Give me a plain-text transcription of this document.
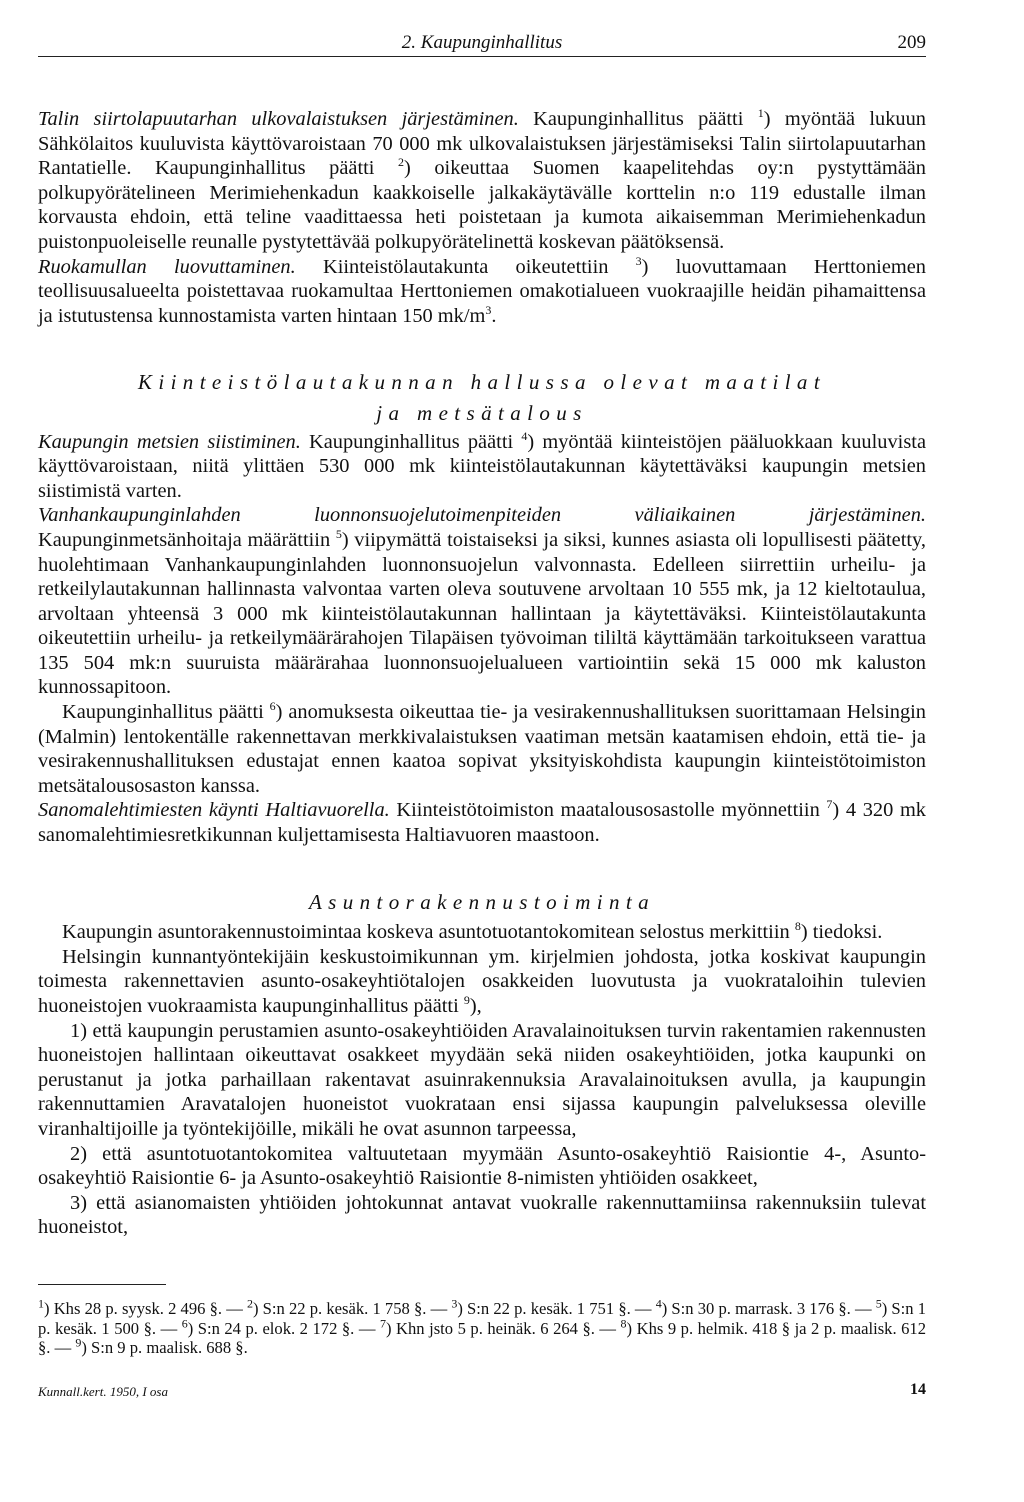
2. Kaupunginhallitus	209

Talin siirtolapuutarhan ulkovalaistuksen järjestäminen. Kaupunginhallitus päätti $^1$) myöntää lukuun Sähkölaitos kuuluvista käyttövaroistaan 70 000 mk ulkovalaistuksen järjestämiseksi Talin siirtolapuutarhan Rantatielle. Kaupunginhallitus päätti $^2$) oikeuttaa Suomen kaapelitehdas oy:n pystyttämään polkupyörätelineen Merimiehenkadun kaakkoiselle jalkakäytävälle korttelin n:o 119 edustalle ilman korvausta ehdoin, että teline vaadittaessa heti poistetaan ja kumota aikaisemman Merimiehenkadun puistonpuoleiselle reunalle pystytettävää polkupyörätelinettä koskevan päätöksensä.

Ruokamullan luovuttaminen. Kiinteistölautakunta oikeutettiin $^3$) luovuttamaan Herttoniemen teollisuusalueelta poistettavaa ruokamultaa Herttoniemen omakotialueen vuokraajille heidän pihamaittensa ja istutustensa kunnostamista varten hintaan 150 $mk/m^3$.

Kiinteistölautakunnan hallussa olevat maatilat
ja metsätalous

Kaupungin metsien siistiminen. Kaupunginhallitus päätti $^4$) myöntää kiinteistöjen pääluokkaan kuuluvista käyttövaroistaan, niitä ylittäen 530 000 mk kiinteistölautakunnan käytettäväksi kaupungin metsien siistimistä varten.

Vanhankaupunginlahden luonnonsuojelutoimenpiteiden väliaikainen järjestäminen. Kaupunginmetsänhoitaja määrättiin $^5$) viipymättä toistaiseksi ja siksi, kunnes asiasta oli lopullisesti päätetty, huolehtimaan Vanhankaupunginlahden luonnonsuojelun valvonnasta. Edelleen siirrettiin urheilu- ja retkeilylautakunnan hallinnasta valvontaa varten oleva soutuvene arvoltaan 10 555 mk, ja 12 kieltotaulua, arvoltaan yhteensä 3 000 mk kiinteistölautakunnan hallintaan ja käytettäväksi. Kiinteistölautakunta oikeutettiin urheilu- ja retkeilymäärärahojen Tilapäisen työvoiman tililtä käyttämään tarkoitukseen varattua 135 504 mk:n suuruista määrärahaa luonnonsuojelualueen vartiointiin sekä 15 000 mk kaluston kunnossapitoon.

Kaupunginhallitus päätti $^6$) anomuksesta oikeuttaa tie- ja vesirakennushallituksen suorittamaan Helsingin (Malmin) lentokentälle rakennettavan merkkivalaistuksen vaatiman metsän kaatamisen ehdoin, että tie- ja vesirakennushallituksen edustajat ennen kaatoa sopivat yksityiskohdista kaupungin kiinteistötoimiston metsätalousosaston kanssa.

Sanomalehtimiesten käynti Haltiavuorella. Kiinteistötoimiston maatalousosastolle myönnettiin $^7$) 4 320 mk sanomalehtimiesretkikunnan kuljettamisesta Haltiavuoren maastoon.

Asuntorakennustoiminta

Kaupungin asuntorakennustoimintaa koskeva asuntotuotantokomitean selostus merkittiin $^8$) tiedoksi.

Helsingin kunnantyöntekijäin keskustoimikunnan ym. kirjelmien johdosta, jotka koskivat kaupungin toimesta rakennettavien asunto-osakeyhtiötalojen osakkeiden luovutusta ja vuokrataloihin tulevien huoneistojen vuokraamista kaupunginhallitus päätti $^9$),

1) että kaupungin perustamien asunto-osakeyhtiöiden Aravalainoituksen turvin rakentamien rakennusten huoneistojen hallintaan oikeuttavat osakkeet myydään sekä niiden osakeyhtiöiden, jotka kaupunki on perustanut ja jotka parhaillaan rakentavat asuinrakennuksia Aravalainoituksen avulla, ja kaupungin rakennuttamien Aravatalojen huoneistot vuokrataan ensi sijassa kaupungin palveluksessa oleville viranhaltijoille ja työntekijöille, mikäli he ovat asunnon tarpeessa,

2) että asuntotuotantokomitea valtuutetaan myymään Asunto-osakeyhtiö Raisiontie 4-, Asunto-osakeyhtiö Raisiontie 6- ja Asunto-osakeyhtiö Raisiontie 8-nimisten yhtiöiden osakkeet,

3) että asianomaisten yhtiöiden johtokunnat antavat vuokralle rakennuttamiinsa rakennuksiin tulevat huoneistot,

$^1$) Khs 28 p. syysk. 2 496 §. — $^2$) S:n 22 p. kesäk. 1 758 §. — $^3$) S:n 22 p. kesäk. 1 751 §. — $^4$) S:n 30 p. marrask. 3 176 §. — $^5$) S:n 1 p. kesäk. 1 500 §. — $^6$) S:n 24 p. elok. 2 172 §. — $^7$) Khn jsto 5 p. heinäk. 6 264 §. — $^8$) Khs 9 p. helmik. 418 § ja 2 p. maalisk. 612 §. — $^9$) S:n 9 p. maalisk. 688 §.
Kunnall.kert. 1950, I osa	14
